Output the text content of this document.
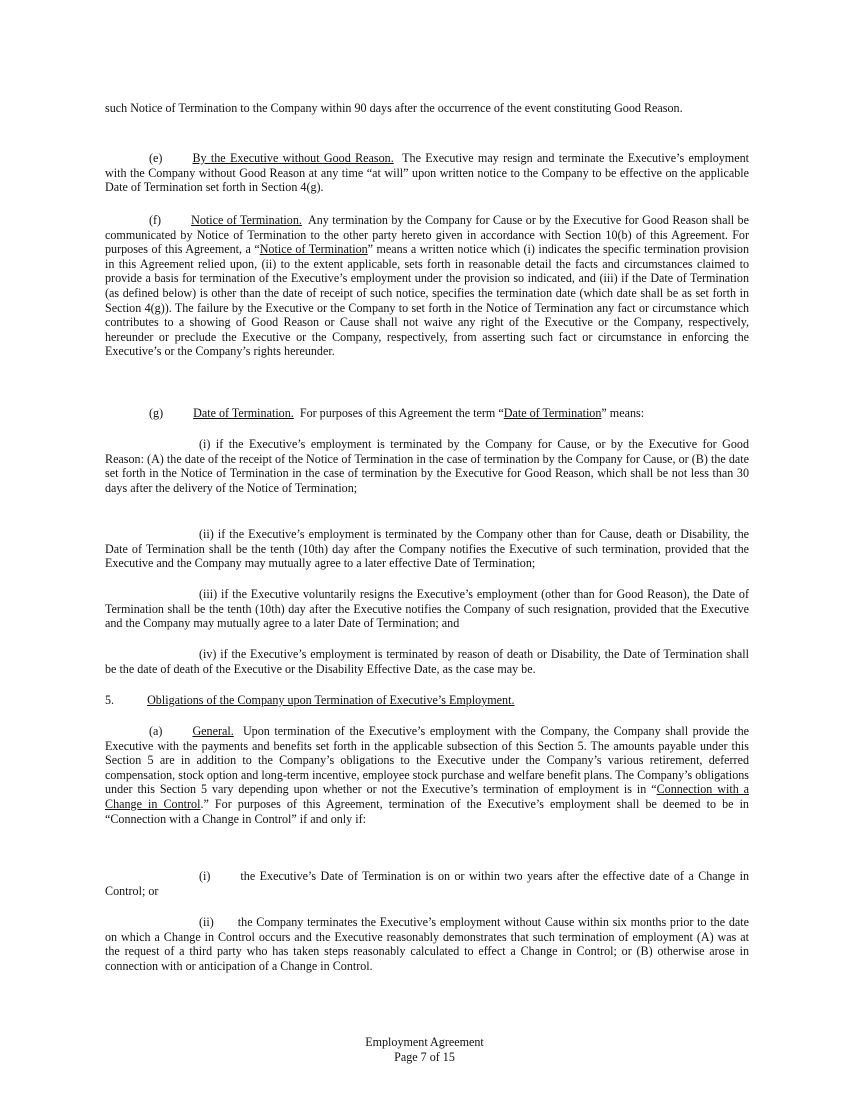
such Notice of Termination to the Company within 90 days after the occurrence of the event constituting Good Reason.

(e) By the Executive without Good Reason. The Executive may resign and terminate the Executive’s employment with the Company without Good Reason at any time “at will” upon written notice to the Company to be effective on the applicable Date of Termination set forth in Section 4(g).

(f) Notice of Termination. Any termination by the Company for Cause or by the Executive for Good Reason shall be communicated by Notice of Termination to the other party hereto given in accordance with Section 10(b) of this Agreement. For purposes of this Agreement, a “Notice of Termination” means a written notice which (i) indicates the specific termination provision in this Agreement relied upon, (ii) to the extent applicable, sets forth in reasonable detail the facts and circumstances claimed to provide a basis for termination of the Executive’s employment under the provision so indicated, and (iii) if the Date of Termination (as defined below) is other than the date of receipt of such notice, specifies the termination date (which date shall be as set forth in Section 4(g)). The failure by the Executive or the Company to set forth in the Notice of Termination any fact or circumstance which contributes to a showing of Good Reason or Cause shall not waive any right of the Executive or the Company, respectively, hereunder or preclude the Executive or the Company, respectively, from asserting such fact or circumstance in enforcing the Executive’s or the Company’s rights hereunder.

(g) Date of Termination. For purposes of this Agreement the term “Date of Termination” means:

(i) if the Executive’s employment is terminated by the Company for Cause, or by the Executive for Good Reason: (A) the date of the receipt of the Notice of Termination in the case of termination by the Company for Cause, or (B) the date set forth in the Notice of Termination in the case of termination by the Executive for Good Reason, which shall be not less than 30 days after the delivery of the Notice of Termination;

(ii) if the Executive’s employment is terminated by the Company other than for Cause, death or Disability, the Date of Termination shall be the tenth (10th) day after the Company notifies the Executive of such termination, provided that the Executive and the Company may mutually agree to a later effective Date of Termination;

(iii) if the Executive voluntarily resigns the Executive’s employment (other than for Good Reason), the Date of Termination shall be the tenth (10th) day after the Executive notifies the Company of such resignation, provided that the Executive and the Company may mutually agree to a later Date of Termination; and

(iv) if the Executive’s employment is terminated by reason of death or Disability, the Date of Termination shall be the date of death of the Executive or the Disability Effective Date, as the case may be.

5.	Obligations of the Company upon Termination of Executive’s Employment.

(a) General. Upon termination of the Executive’s employment with the Company, the Company shall provide the Executive with the payments and benefits set forth in the applicable subsection of this Section 5. The amounts payable under this Section 5 are in addition to the Company’s obligations to the Executive under the Company’s various retirement, deferred compensation, stock option and long-term incentive, employee stock purchase and welfare benefit plans. The Company’s obligations under this Section 5 vary depending upon whether or not the Executive’s termination of employment is in “Connection with a Change in Control.” For purposes of this Agreement, termination of the Executive’s employment shall be deemed to be in “Connection with a Change in Control” if and only if:

(i) the Executive’s Date of Termination is on or within two years after the effective date of a Change in Control; or

(ii) the Company terminates the Executive’s employment without Cause within six months prior to the date on which a Change in Control occurs and the Executive reasonably demonstrates that such termination of employment (A) was at the request of a third party who has taken steps reasonably calculated to effect a Change in Control; or (B) otherwise arose in connection with or anticipation of a Change in Control.

Employment Agreement
Page 7 of 15
